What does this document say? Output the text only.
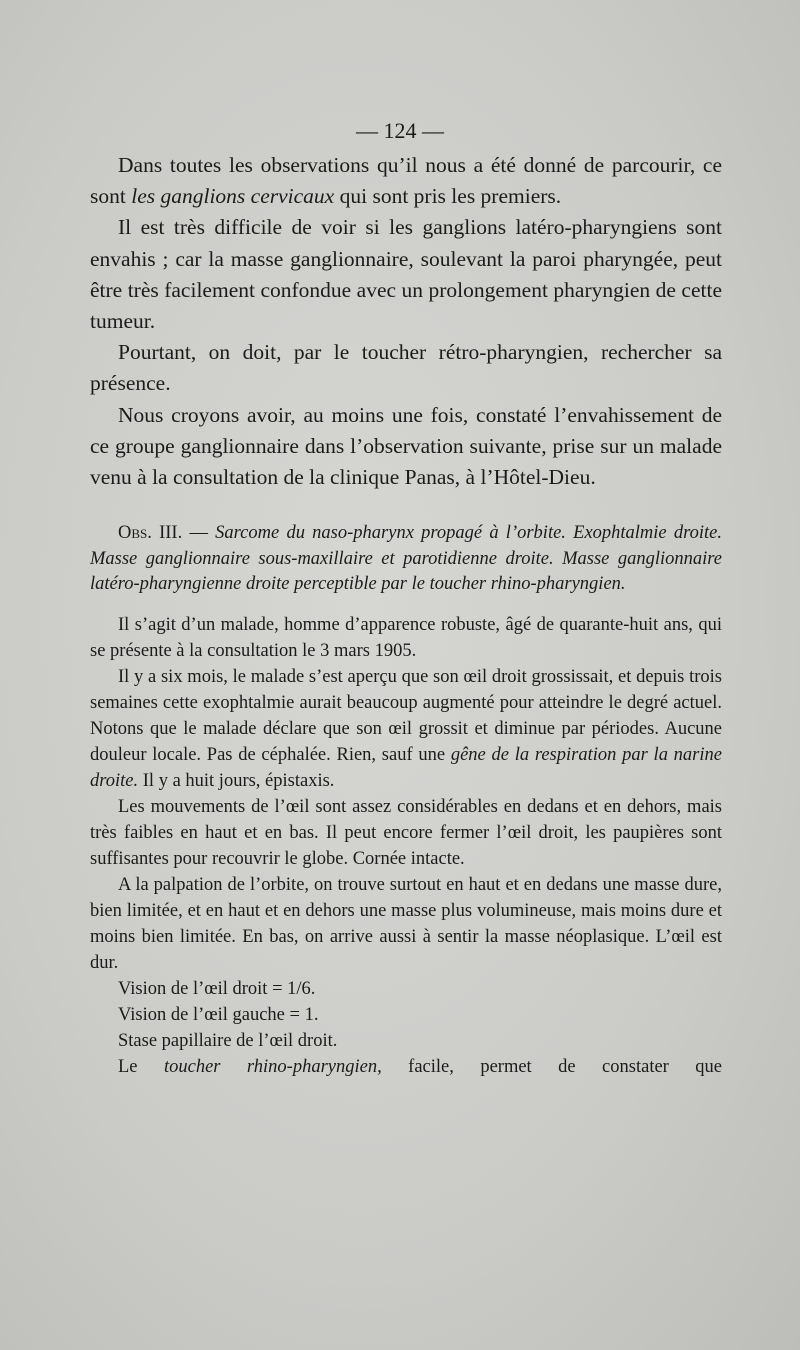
— 124 —

Dans toutes les observations qu’il nous a été donné de parcourir, ce sont les ganglions cervicaux qui sont pris les premiers.

Il est très difficile de voir si les ganglions latéro-pharyngiens sont envahis ; car la masse ganglionnaire, soulevant la paroi pharyngée, peut être très facilement confondue avec un prolongement pharyngien de cette tumeur.

Pourtant, on doit, par le toucher rétro-pharyngien, rechercher sa présence.

Nous croyons avoir, au moins une fois, constaté l’envahissement de ce groupe ganglionnaire dans l’observation suivante, prise sur un malade venu à la consultation de la clinique Panas, à l’Hôtel-Dieu.

Obs. III. — Sarcome du naso-pharynx propagé à l’orbite. Exophtalmie droite. Masse ganglionnaire sous-maxillaire et parotidienne droite. Masse ganglionnaire latéro-pharyngienne droite perceptible par le toucher rhino-pharyngien.

Il s’agit d’un malade, homme d’apparence robuste, âgé de quarante-huit ans, qui se présente à la consultation le 3 mars 1905.

Il y a six mois, le malade s’est aperçu que son œil droit grossissait, et depuis trois semaines cette exophtalmie aurait beaucoup augmenté pour atteindre le degré actuel. Notons que le malade déclare que son œil grossit et diminue par périodes. Aucune douleur locale. Pas de céphalée. Rien, sauf une gêne de la respiration par la narine droite. Il y a huit jours, épistaxis.

Les mouvements de l’œil sont assez considérables en dedans et en dehors, mais très faibles en haut et en bas. Il peut encore fermer l’œil droit, les paupières sont suffisantes pour recouvrir le globe. Cornée intacte.

A la palpation de l’orbite, on trouve surtout en haut et en dedans une masse dure, bien limitée, et en haut et en dehors une masse plus volumineuse, mais moins dure et moins bien limitée. En bas, on arrive aussi à sentir la masse néoplasique. L’œil est dur.

Vision de l’œil droit = 1/6.

Vision de l’œil gauche = 1.

Stase papillaire de l’œil droit.

Le toucher rhino-pharyngien, facile, permet de constater que
